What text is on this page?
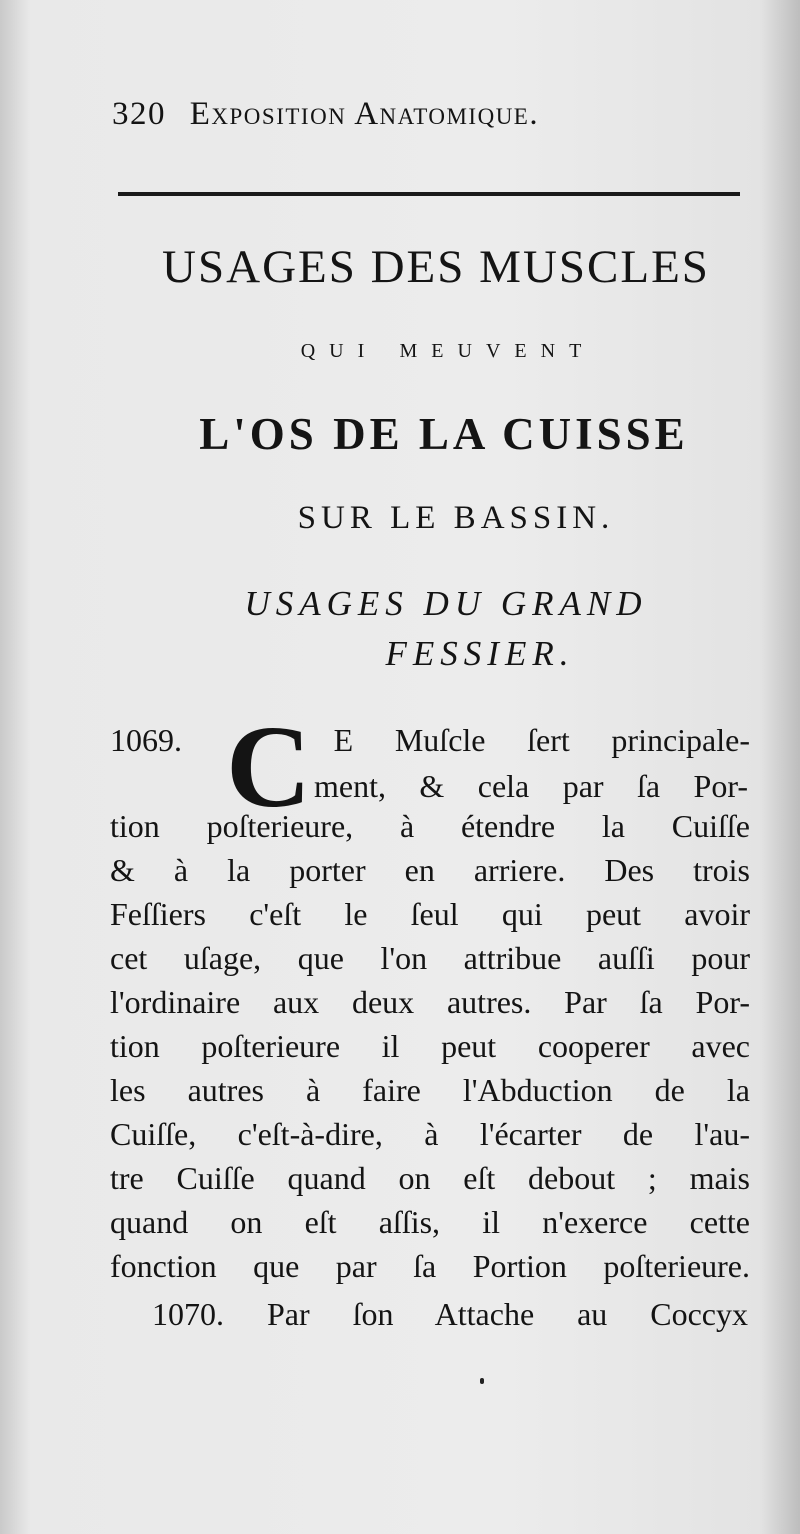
320 Exposition Anatomique.
USAGES DES MUSCLES
qui meuvent
L'OS DE LA CUISSE
SUR LE BASSIN.
USAGES DU GRAND
FESSIER.
C
1069.	E Muſcle ſert principale-
ment, & cela par ſa Por-
tion poſterieure, à étendre la Cuiſſe
& à la porter en arriere. Des trois
Feſſiers c'eſt le ſeul qui peut avoir
cet uſage, que l'on attribue auſſi pour
l'ordinaire aux deux autres. Par ſa Por-
tion poſterieure il peut cooperer avec
les autres à faire l'Abduction de la
Cuiſſe, c'eſt-à-dire, à l'écarter de l'au-
tre Cuiſſe quand on eſt debout ; mais
quand on eſt aſſis, il n'exerce cette
fonction que par ſa Portion poſterieure.
1070. Par ſon Attache au Coccyx
